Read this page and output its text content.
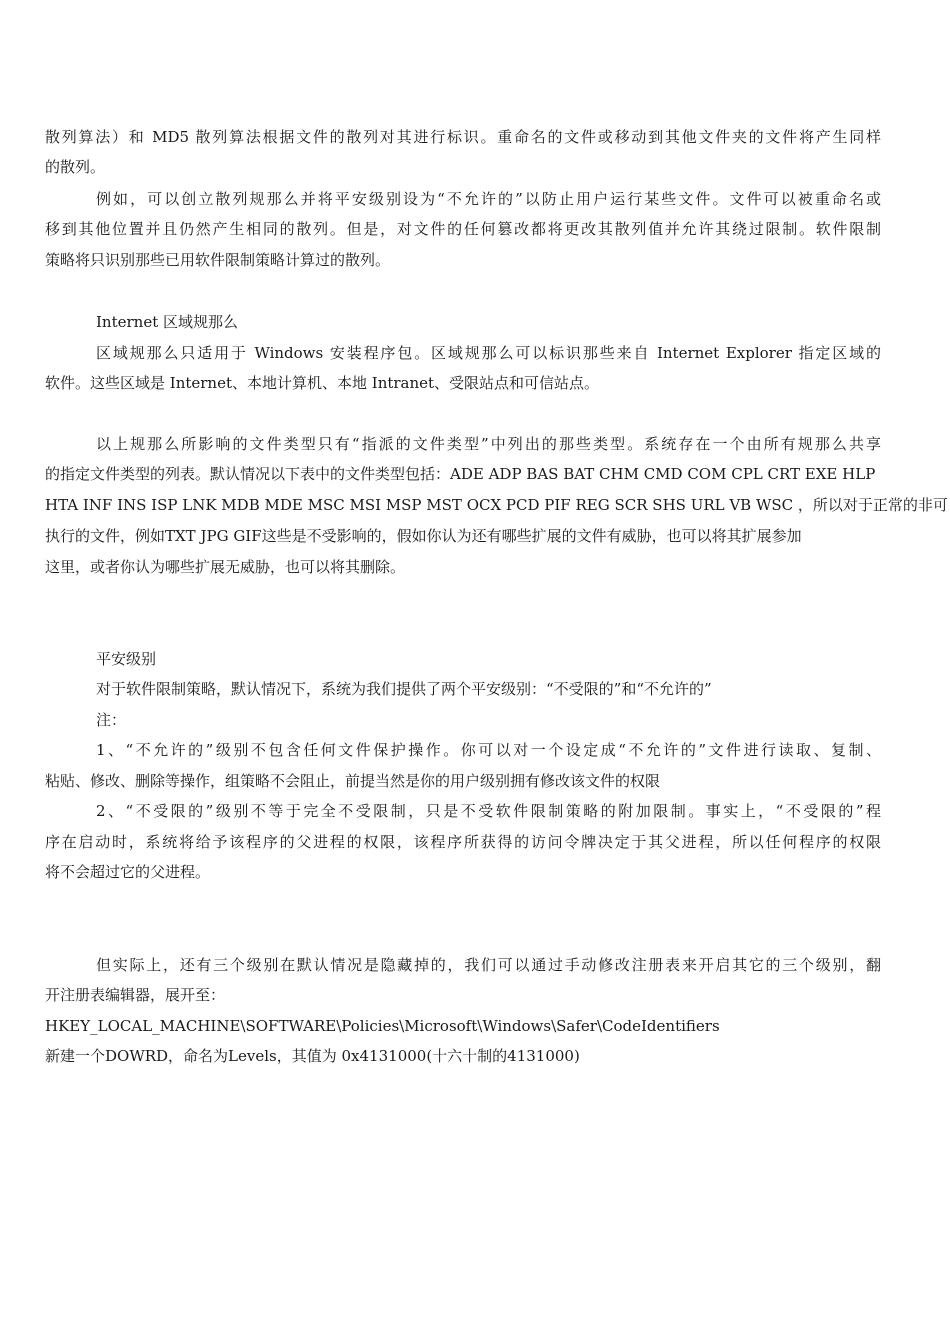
散列算法）和 MD5 散列算法根据文件的散列对其进行标识。重命名的文件或移动到其他文件夹的文件将产生同样
的散列。
例如，可以创立散列规那么并将平安级别设为“不允许的”以防止用户运行某些文件。文件可以被重命名或
移到其他位置并且仍然产生相同的散列。但是，对文件的任何篡改都将更改其散列值并允许其绕过限制。软件限制
策略将只识别那些已用软件限制策略计算过的散列。
Internet 区域规那么
区域规那么只适用于 Windows 安装程序包。区域规那么可以标识那些来自 Internet Explorer 指定区域的
软件。这些区域是 Internet、本地计算机、本地 Intranet、受限站点和可信站点。
以上规那么所影响的文件类型只有“指派的文件类型”中列出的那些类型。系统存在一个由所有规那么共享
的指定文件类型的列表。默认情况以下表中的文件类型包括：ADE ADP BAS BAT CHM CMD COM CPL CRT EXE HLP
HTA INF INS ISP LNK MDB MDE MSC MSI MSP MST OCX PCD PIF REG SCR SHS URL VB WSC ，所以对于正常的非可
执行的文件，例如TXT JPG GIF这些是不受影响的，假如你认为还有哪些扩展的文件有威胁，也可以将其扩展参加
这里，或者你认为哪些扩展无威胁，也可以将其删除。
平安级别
对于软件限制策略，默认情况下，系统为我们提供了两个平安级别：“不受限的”和“不允许的”
注：
1、“不允许的”级别不包含任何文件保护操作。你可以对一个设定成“不允许的”文件进行读取、复制、
粘贴、修改、删除等操作，组策略不会阻止，前提当然是你的用户级别拥有修改该文件的权限
2、“不受限的”级别不等于完全不受限制，只是不受软件限制策略的附加限制。事实上，“不受限的”程
序在启动时，系统将给予该程序的父进程的权限，该程序所获得的访问令牌决定于其父进程，所以任何程序的权限
将不会超过它的父进程。
但实际上，还有三个级别在默认情况是隐藏掉的，我们可以通过手动修改注册表来开启其它的三个级别，翻
开注册表编辑器，展开至：
HKEY_LOCAL_MACHINE\SOFTWARE\Policies\Microsoft\Windows\Safer\CodeIdentifiers
新建一个DOWRD，命名为Levels，其值为 0x4131000(十六十制的4131000)
